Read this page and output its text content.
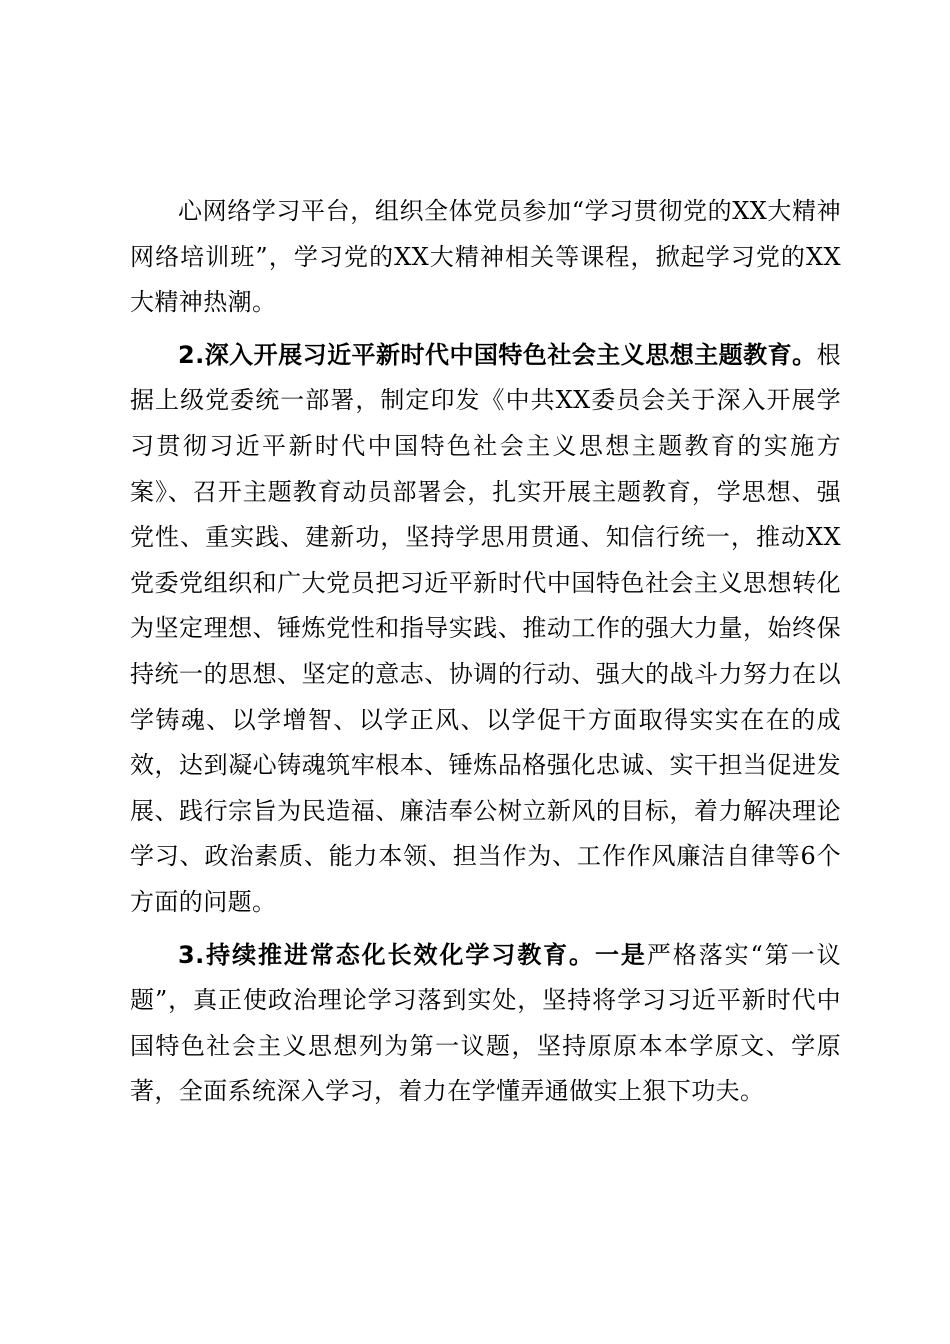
心网络学习平台，组织全体党员参加“学习贯彻党的XX大精神网络培训班”，学习党的XX大精神相关等课程，掀起学习党的XX大精神热潮。

2.深入开展习近平新时代中国特色社会主义思想主题教育。根据上级党委统一部署，制定印发《中共XX委员会关于深入开展学习贯彻习近平新时代中国特色社会主义思想主题教育的实施方案》、召开主题教育动员部署会，扎实开展主题教育，学思想、强党性、重实践、建新功，坚持学思用贯通、知信行统一，推动XX党委党组织和广大党员把习近平新时代中国特色社会主义思想转化为坚定理想、锤炼党性和指导实践、推动工作的强大力量，始终保持统一的思想、坚定的意志、协调的行动、强大的战斗力努力在以学铸魂、以学增智、以学正风、以学促干方面取得实实在在的成效，达到凝心铸魂筑牢根本、锤炼品格强化忠诚、实干担当促进发展、践行宗旨为民造福、廉洁奉公树立新风的目标，着力解决理论学习、政治素质、能力本领、担当作为、工作作风廉洁自律等6个方面的问题。

3.持续推进常态化长效化学习教育。一是严格落实“第一议题”，真正使政治理论学习落到实处，坚持将学习习近平新时代中国特色社会主义思想列为第一议题，坚持原原本本学原文、学原著，全面系统深入学习，着力在学懂弄通做实上狠下功夫。
